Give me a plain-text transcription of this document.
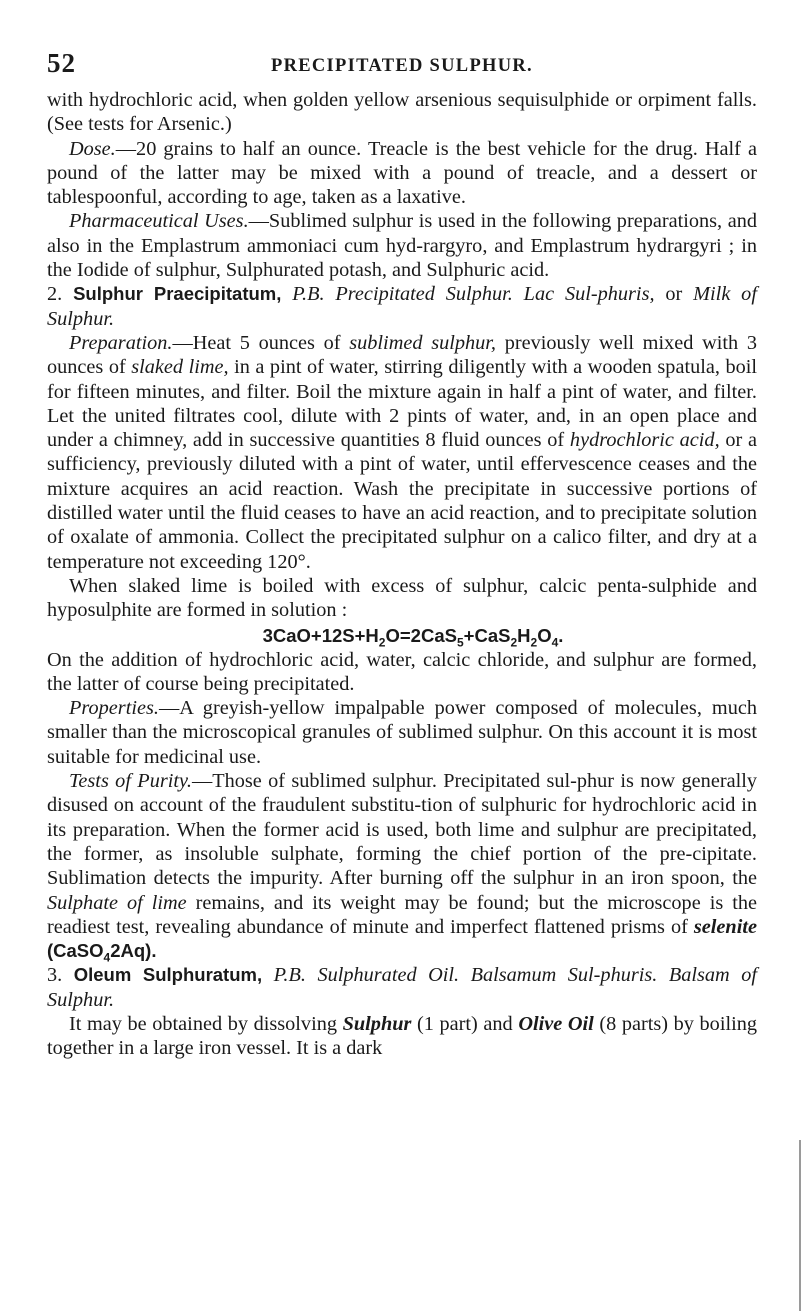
52	PRECIPITATED SULPHUR.

with hydrochloric acid, when golden yellow arsenious sequisulphide or orpiment falls. (See tests for Arsenic.)

Dose.—20 grains to half an ounce. Treacle is the best vehicle for the drug. Half a pound of the latter may be mixed with a pound of treacle, and a dessert or tablespoonful, according to age, taken as a laxative.

Pharmaceutical Uses.—Sublimed sulphur is used in the following preparations, and also in the Emplastrum ammoniaci cum hyd-rargyro, and Emplastrum hydrargyri ; in the Iodide of sulphur, Sulphurated potash, and Sulphuric acid.

2. Sulphur Praecipitatum, P.B. Precipitated Sulphur. Lac Sul-phuris, or Milk of Sulphur.

Preparation.—Heat 5 ounces of sublimed sulphur, previously well mixed with 3 ounces of slaked lime, in a pint of water, stirring diligently with a wooden spatula, boil for fifteen minutes, and filter. Boil the mixture again in half a pint of water, and filter. Let the united filtrates cool, dilute with 2 pints of water, and, in an open place and under a chimney, add in successive quantities 8 fluid ounces of hydrochloric acid, or a sufficiency, previously diluted with a pint of water, until effervescence ceases and the mixture acquires an acid reaction. Wash the precipitate in successive portions of distilled water until the fluid ceases to have an acid reaction, and to precipitate solution of oxalate of ammonia. Collect the precipitated sulphur on a calico filter, and dry at a temperature not exceeding 120°.

When slaked lime is boiled with excess of sulphur, calcic penta-sulphide and hyposulphite are formed in solution :

$3CaO+12S+H_2O=2CaS_5+CaS_2H_2O_4$.

On the addition of hydrochloric acid, water, calcic chloride, and sulphur are formed, the latter of course being precipitated.

Properties.—A greyish-yellow impalpable power composed of molecules, much smaller than the microscopical granules of sublimed sulphur. On this account it is most suitable for medicinal use.

Tests of Purity.—Those of sublimed sulphur. Precipitated sul-phur is now generally disused on account of the fraudulent substitu-tion of sulphuric for hydrochloric acid in its preparation. When the former acid is used, both lime and sulphur are precipitated, the former, as insoluble sulphate, forming the chief portion of the pre-cipitate. Sublimation detects the impurity. After burning off the sulphur in an iron spoon, the Sulphate of lime remains, and its weight may be found; but the microscope is the readiest test, revealing abundance of minute and imperfect flattened prisms of selenite (CaSO$_4$2Aq).

3. Oleum Sulphuratum, P.B. Sulphurated Oil. Balsamum Sul-phuris. Balsam of Sulphur.

It may be obtained by dissolving Sulphur (1 part) and Olive Oil (8 parts) by boiling together in a large iron vessel. It is a dark
